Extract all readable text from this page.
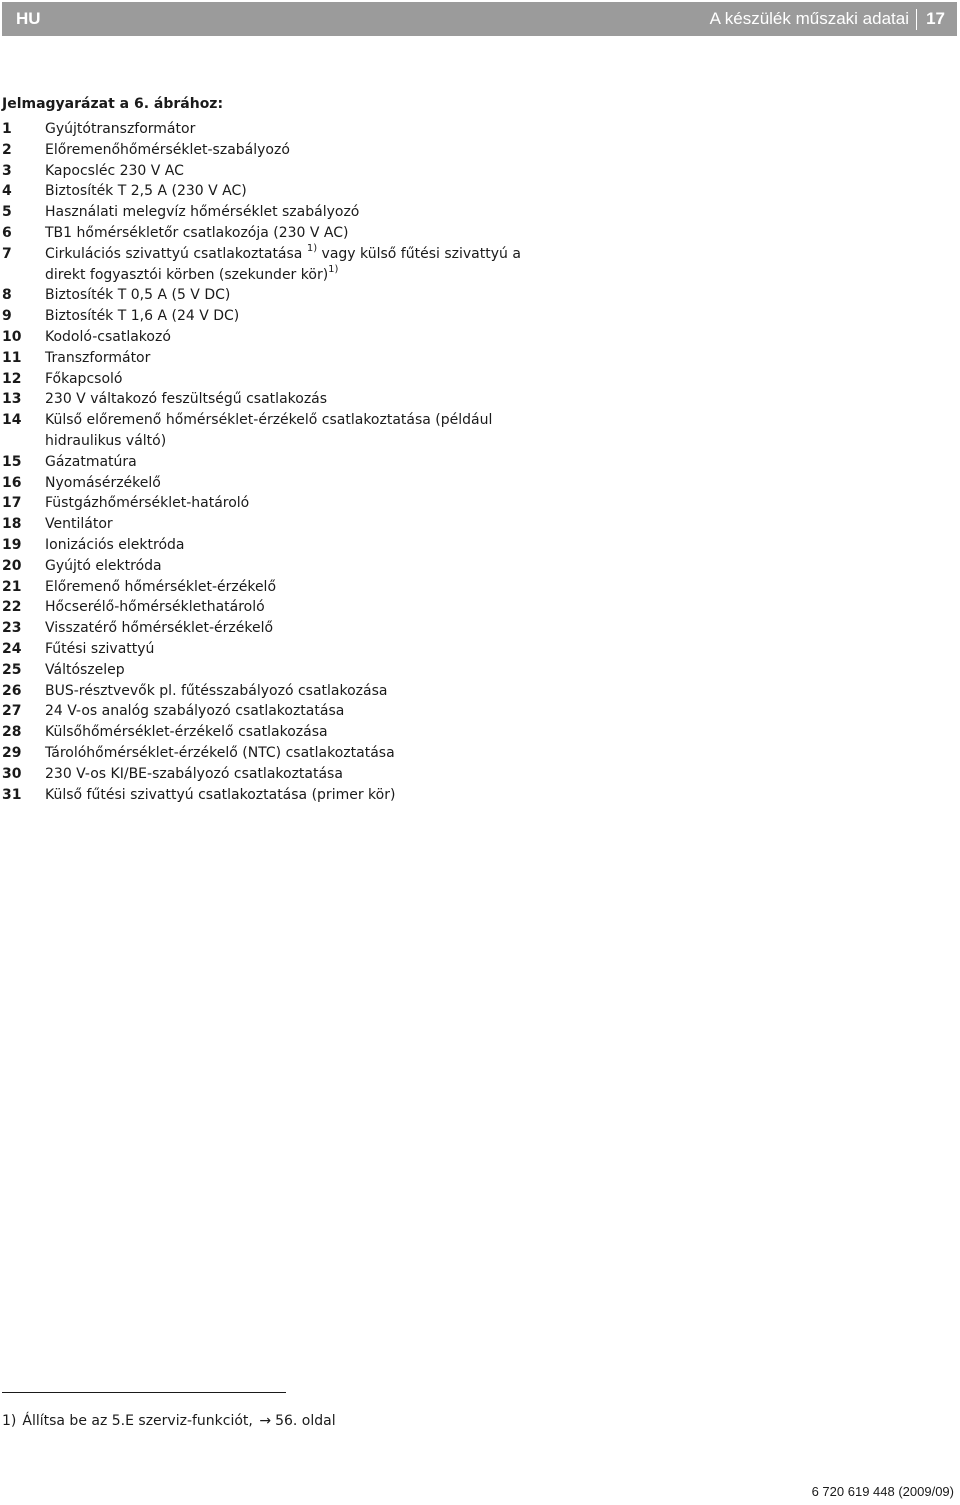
HU	A készülék műszaki adatai 17
Jelmagyarázat a 6. ábrához:
1	Gyújtótranszformátor
2	Előremenőhőmérséklet-szabályozó
3	Kapocsléc 230 V AC
4	Biztosíték T 2,5 A (230 V AC)
5	Használati melegvíz hőmérséklet szabályozó
6	TB1 hőmérsékletőr csatlakozója (230 V AC)
7	Cirkulációs szivattyú csatlakoztatása $^{1)}$ vagy külső fűtési szivattyú a direkt fogyasztói körben (szekunder kör)$^{1)}$
8	Biztosíték T 0,5 A (5 V DC)
9	Biztosíték T 1,6 A (24 V DC)
10	Kodoló-csatlakozó
11	Transzformátor
12	Főkapcsoló
13	230 V váltakozó feszültségű csatlakozás
14	Külső előremenő hőmérséklet-érzékelő csatlakoztatása (például hidraulikus váltó)
15	Gázatmatúra
16	Nyomásérzékelő
17	Füstgázhőmérséklet-határoló
18	Ventilátor
19	Ionizációs elektróda
20	Gyújtó elektróda
21	Előremenő hőmérséklet-érzékelő
22	Hőcserélő-hőmérséklethatároló
23	Visszatérő hőmérséklet-érzékelő
24	Fűtési szivattyú
25	Váltószelep
26	BUS-résztvevők pl. fűtésszabályozó csatlakozása
27	24 V-os analóg szabályozó csatlakoztatása
28	Külsőhőmérséklet-érzékelő csatlakozása
29	Tárolóhőmérséklet-érzékelő (NTC) csatlakoztatása
30	230 V-os KI/BE-szabályozó csatlakoztatása
31	Külső fűtési szivattyú csatlakoztatása (primer kör)
1) Állítsa be az 5.E szerviz-funkciót, → 56. oldal
6 720 619 448 (2009/09)
